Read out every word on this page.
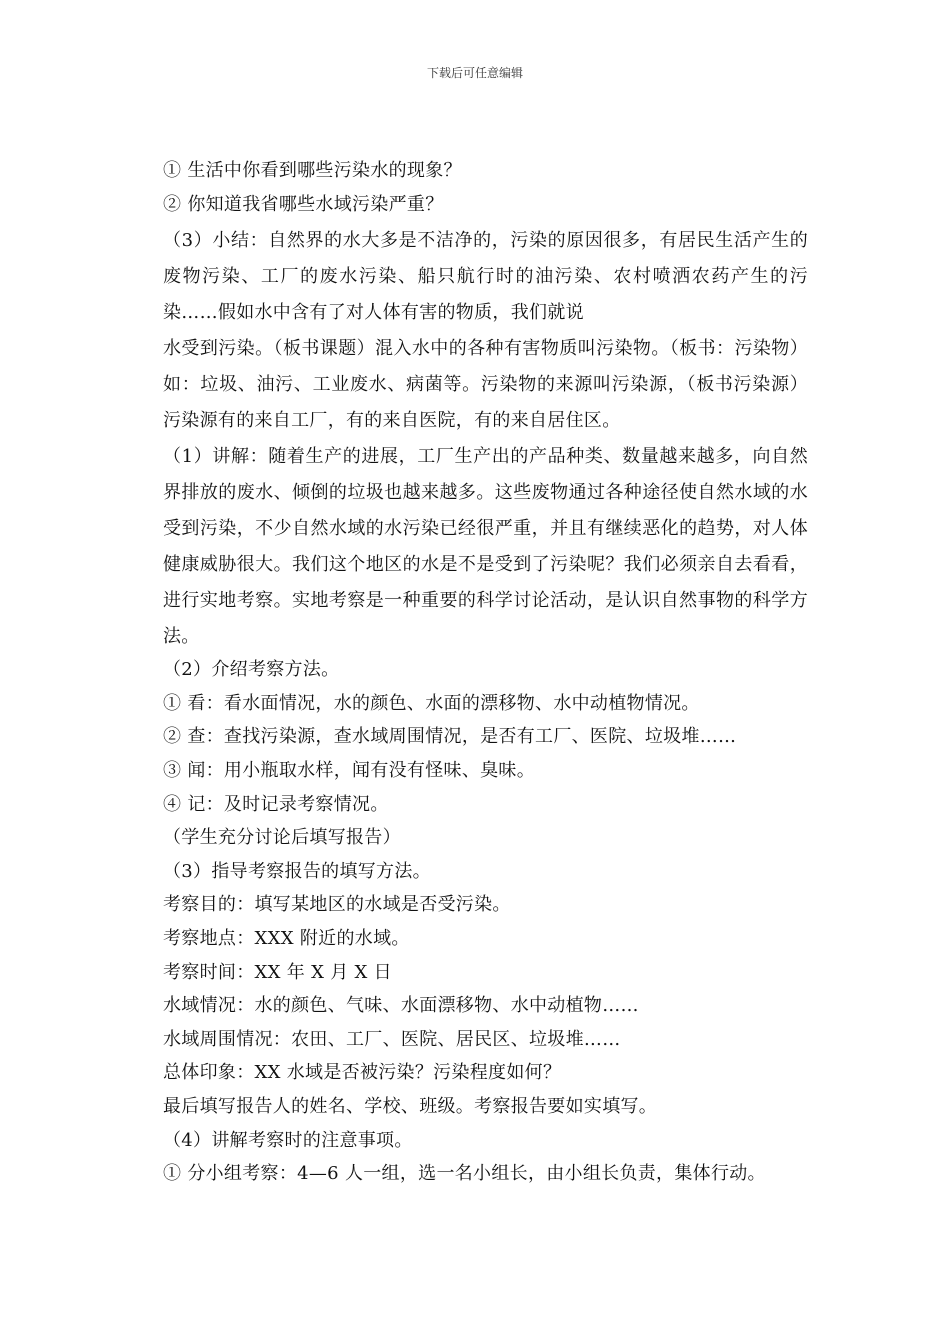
下载后可任意编辑

① 生活中你看到哪些污染水的现象？

② 你知道我省哪些水域污染严重？

（3）小结：自然界的水大多是不洁净的，污染的原因很多，有居民生活产生的废物污染、工厂的废水污染、船只航行时的油污染、农村喷洒农药产生的污染……假如水中含有了对人体有害的物质，我们就说

水受到污染。（板书课题）混入水中的各种有害物质叫污染物。（板书：污染物）如：垃圾、油污、工业废水、病菌等。污染物的来源叫污染源，（板书污染源）污染源有的来自工厂，有的来自医院，有的来自居住区。

（1）讲解：随着生产的进展，工厂生产出的产品种类、数量越来越多，向自然界排放的废水、倾倒的垃圾也越来越多。这些废物通过各种途径使自然水域的水受到污染，不少自然水域的水污染已经很严重，并且有继续恶化的趋势，对人体健康威胁很大。我们这个地区的水是不是受到了污染呢？我们必须亲自去看看，进行实地考察。实地考察是一种重要的科学讨论活动，是认识自然事物的科学方法。

（2）介绍考察方法。

① 看：看水面情况，水的颜色、水面的漂移物、水中动植物情况。

② 查：查找污染源，查水域周围情况，是否有工厂、医院、垃圾堆……

③ 闻：用小瓶取水样，闻有没有怪味、臭味。

④ 记：及时记录考察情况。

（学生充分讨论后填写报告）

（3）指导考察报告的填写方法。

考察目的：填写某地区的水域是否受污染。

考察地点：XXX 附近的水域。

考察时间：XX 年 X 月 X 日

水域情况：水的颜色、气味、水面漂移物、水中动植物……

水域周围情况：农田、工厂、医院、居民区、垃圾堆……

总体印象：XX 水域是否被污染？污染程度如何？

最后填写报告人的姓名、学校、班级。考察报告要如实填写。

（4）讲解考察时的注意事项。

① 分小组考察：4—6 人一组，选一名小组长，由小组长负责，集体行动。
